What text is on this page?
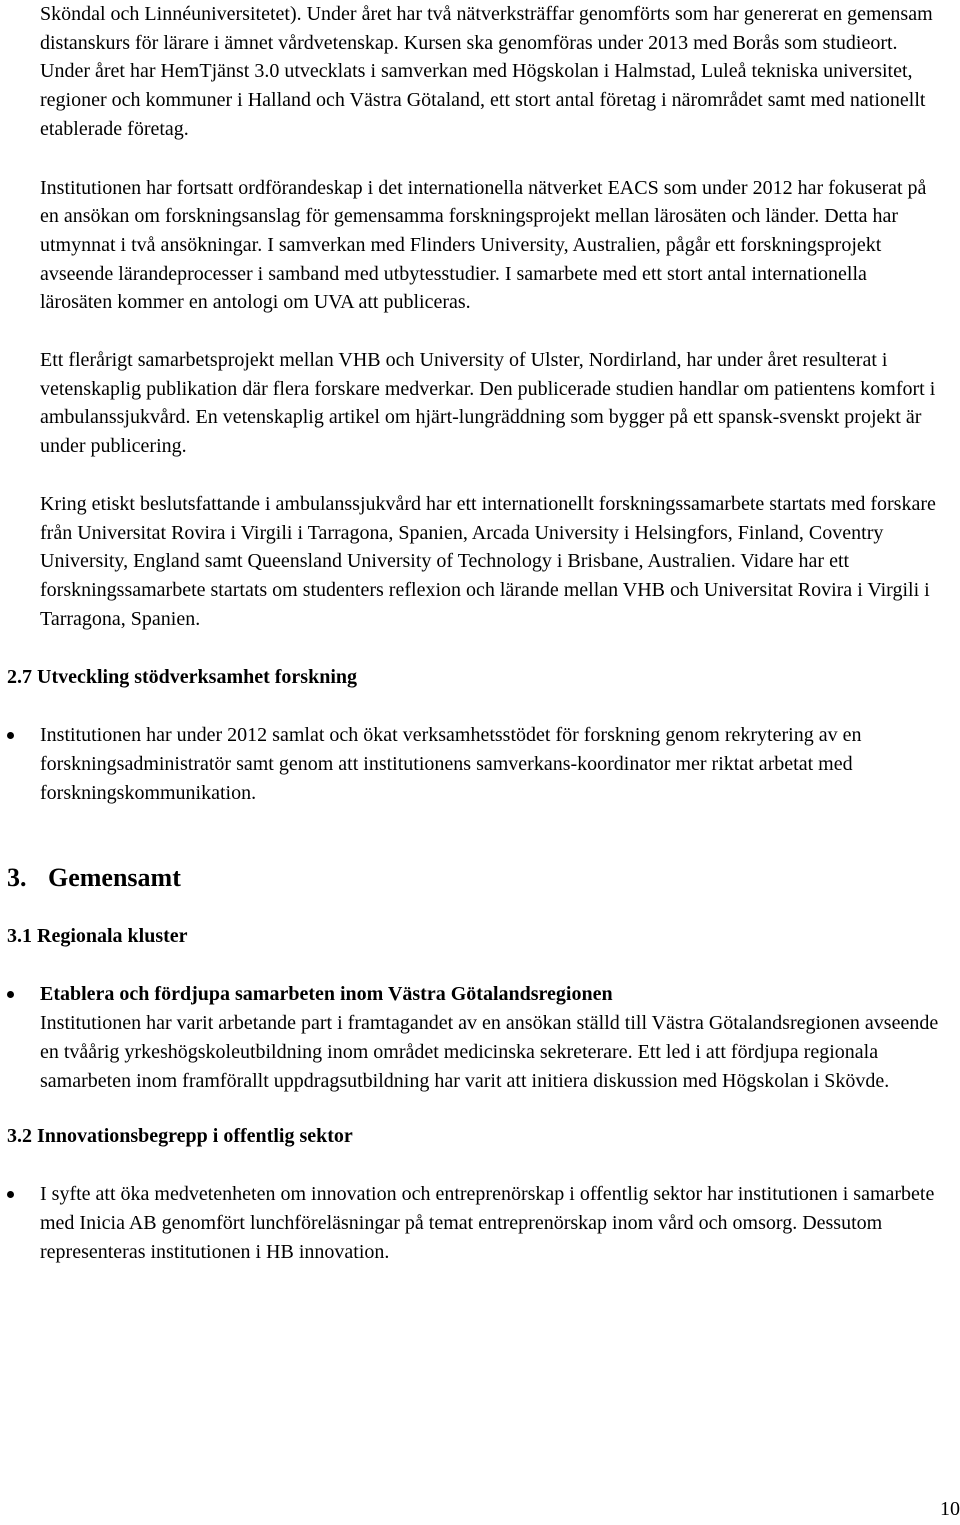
Sköndal och Linnéuniversitetet). Under året har två nätverksträffar genomförts som har genererat en gemensam distanskurs för lärare i ämnet vårdvetenskap. Kursen ska genomföras under 2013 med Borås som studieort. Under året har HemTjänst 3.0 utvecklats i samverkan med Högskolan i Halmstad, Luleå tekniska universitet, regioner och kommuner i Halland och Västra Götaland, ett stort antal företag i närområdet samt med nationellt etablerade företag.

Institutionen har fortsatt ordförandeskap i det internationella nätverket EACS som under 2012 har fokuserat på en ansökan om forskningsanslag för gemensamma forskningsprojekt mellan lärosäten och länder. Detta har utmynnat i två ansökningar. I samverkan med Flinders University, Australien, pågår ett forskningsprojekt avseende lärandeprocesser i samband med utbytesstudier. I samarbete med ett stort antal internationella lärosäten kommer en antologi om UVA att publiceras.

Ett flerårigt samarbetsprojekt mellan VHB och University of Ulster, Nordirland, har under året resulterat i vetenskaplig publikation där flera forskare medverkar. Den publicerade studien handlar om patientens komfort i ambulanssjukvård. En vetenskaplig artikel om hjärt-lungräddning som bygger på ett spansk-svenskt projekt är under publicering.

Kring etiskt beslutsfattande i ambulanssjukvård har ett internationellt forskningssamarbete startats med forskare från Universitat Rovira i Virgili i Tarragona, Spanien, Arcada University i Helsingfors, Finland, Coventry University, England samt Queensland University of Technology i Brisbane, Australien. Vidare har ett forskningssamarbete startats om studenters reflexion och lärande mellan VHB och Universitat Rovira i Virgili i Tarragona, Spanien.

2.7 Utveckling stödverksamhet forskning

Institutionen har under 2012 samlat och ökat verksamhetsstödet för forskning genom rekrytering av en forskningsadministratör samt genom att institutionens samverkans-koordinator mer riktat arbetat med forskningskommunikation.

3. Gemensamt
3.1 Regionala kluster

Etablera och fördjupa samarbeten inom Västra Götalandsregionen

Institutionen har varit arbetande part i framtagandet av en ansökan ställd till Västra Götalandsregionen avseende en tvåårig yrkeshögskoleutbildning inom området medicinska sekreterare. Ett led i att fördjupa regionala samarbeten inom framförallt uppdragsutbildning har varit att initiera diskussion med Högskolan i Skövde.

3.2 Innovationsbegrepp i offentlig sektor

I syfte att öka medvetenheten om innovation och entreprenörskap i offentlig sektor har institutionen i samarbete med Inicia AB genomfört lunchföreläsningar på temat entreprenörskap inom vård och omsorg. Dessutom representeras institutionen i HB innovation.

10
